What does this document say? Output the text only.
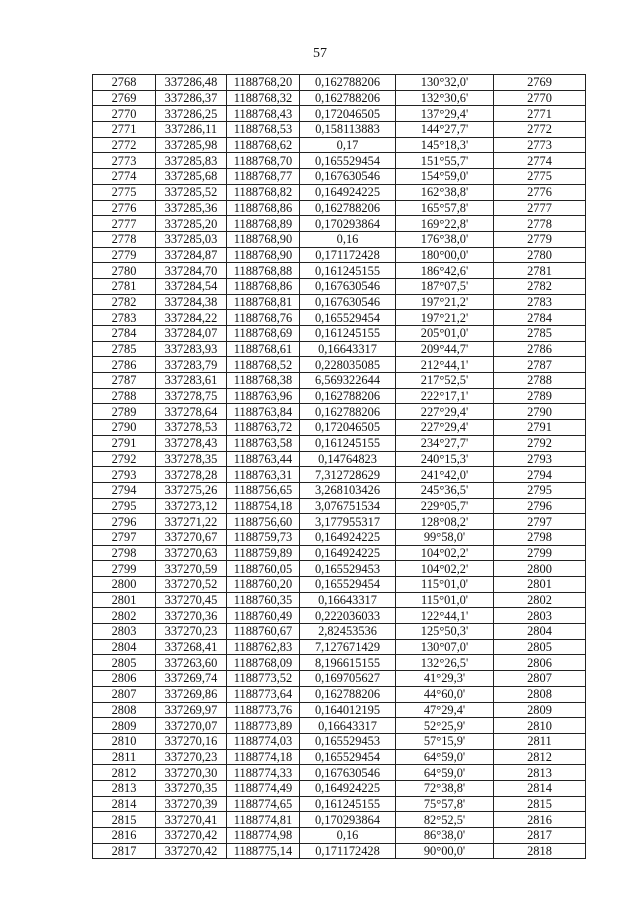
57
2768	337286,48	1188768,20	0,162788206	130°32,0'	2769
2769	337286,37	1188768,32	0,162788206	132°30,6'	2770
2770	337286,25	1188768,43	0,172046505	137°29,4'	2771
2771	337286,11	1188768,53	0,158113883	144°27,7'	2772
2772	337285,98	1188768,62	0,17	145°18,3'	2773
2773	337285,83	1188768,70	0,165529454	151°55,7'	2774
2774	337285,68	1188768,77	0,167630546	154°59,0'	2775
2775	337285,52	1188768,82	0,164924225	162°38,8'	2776
2776	337285,36	1188768,86	0,162788206	165°57,8'	2777
2777	337285,20	1188768,89	0,170293864	169°22,8'	2778
2778	337285,03	1188768,90	0,16	176°38,0'	2779
2779	337284,87	1188768,90	0,171172428	180°00,0'	2780
2780	337284,70	1188768,88	0,161245155	186°42,6'	2781
2781	337284,54	1188768,86	0,167630546	187°07,5'	2782
2782	337284,38	1188768,81	0,167630546	197°21,2'	2783
2783	337284,22	1188768,76	0,165529454	197°21,2'	2784
2784	337284,07	1188768,69	0,161245155	205°01,0'	2785
2785	337283,93	1188768,61	0,16643317	209°44,7'	2786
2786	337283,79	1188768,52	0,228035085	212°44,1'	2787
2787	337283,61	1188768,38	6,569322644	217°52,5'	2788
2788	337278,75	1188763,96	0,162788206	222°17,1'	2789
2789	337278,64	1188763,84	0,162788206	227°29,4'	2790
2790	337278,53	1188763,72	0,172046505	227°29,4'	2791
2791	337278,43	1188763,58	0,161245155	234°27,7'	2792
2792	337278,35	1188763,44	0,14764823	240°15,3'	2793
2793	337278,28	1188763,31	7,312728629	241°42,0'	2794
2794	337275,26	1188756,65	3,268103426	245°36,5'	2795
2795	337273,12	1188754,18	3,076751534	229°05,7'	2796
2796	337271,22	1188756,60	3,177955317	128°08,2'	2797
2797	337270,67	1188759,73	0,164924225	99°58,0'	2798
2798	337270,63	1188759,89	0,164924225	104°02,2'	2799
2799	337270,59	1188760,05	0,165529453	104°02,2'	2800
2800	337270,52	1188760,20	0,165529454	115°01,0'	2801
2801	337270,45	1188760,35	0,16643317	115°01,0'	2802
2802	337270,36	1188760,49	0,222036033	122°44,1'	2803
2803	337270,23	1188760,67	2,82453536	125°50,3'	2804
2804	337268,41	1188762,83	7,127671429	130°07,0'	2805
2805	337263,60	1188768,09	8,196615155	132°26,5'	2806
2806	337269,74	1188773,52	0,169705627	41°29,3'	2807
2807	337269,86	1188773,64	0,162788206	44°60,0'	2808
2808	337269,97	1188773,76	0,164012195	47°29,4'	2809
2809	337270,07	1188773,89	0,16643317	52°25,9'	2810
2810	337270,16	1188774,03	0,165529453	57°15,9'	2811
2811	337270,23	1188774,18	0,165529454	64°59,0'	2812
2812	337270,30	1188774,33	0,167630546	64°59,0'	2813
2813	337270,35	1188774,49	0,164924225	72°38,8'	2814
2814	337270,39	1188774,65	0,161245155	75°57,8'	2815
2815	337270,41	1188774,81	0,170293864	82°52,5'	2816
2816	337270,42	1188774,98	0,16	86°38,0'	2817
2817	337270,42	1188775,14	0,171172428	90°00,0'	2818
